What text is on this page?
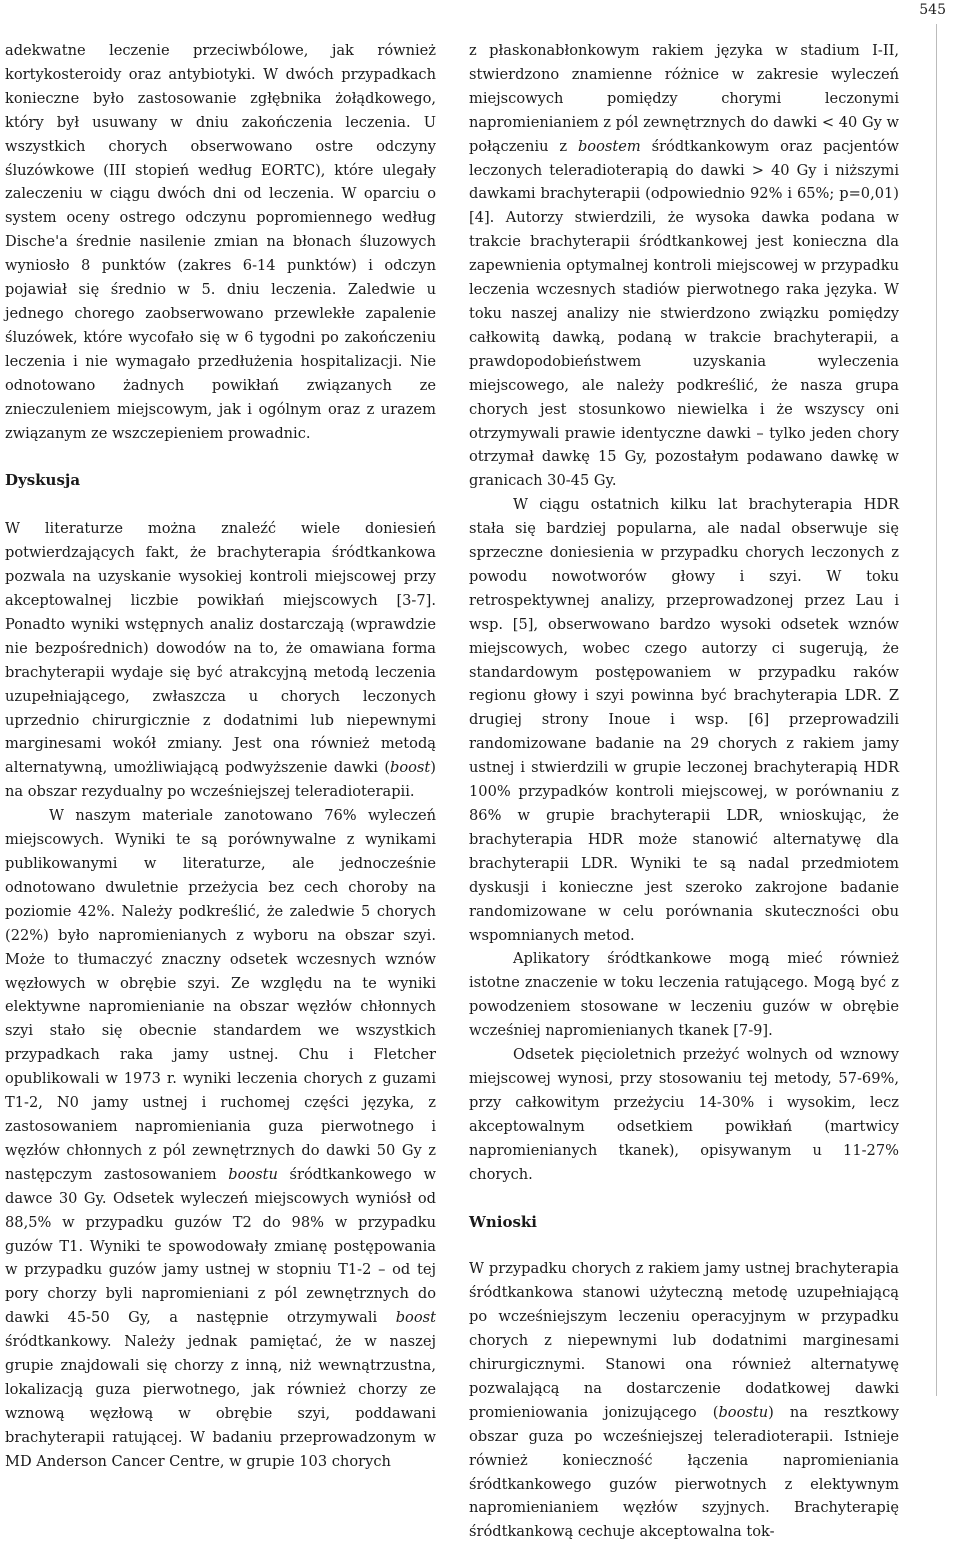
545

adekwatne leczenie przeciwbólowe, jak również kortykosteroidy oraz antybiotyki. W dwóch przypadkach konieczne było zastosowanie zgłębnika żołądkowego, który był usuwany w dniu zakończenia leczenia. U wszystkich chorych obserwowano ostre odczyny śluzówkowe (III stopień według EORTC), które ulegały zaleczeniu w ciągu dwóch dni od leczenia. W oparciu o system oceny ostrego odczynu popromiennego według Dische'a średnie nasilenie zmian na błonach śluzowych wyniosło 8 punktów (zakres 6-14 punktów) i odczyn pojawiał się średnio w 5. dniu leczenia. Zaledwie u jednego chorego zaobserwowano przewlekłe zapalenie śluzówek, które wycofało się w 6 tygodni po zakończeniu leczenia i nie wymagało przedłużenia hospitalizacji. Nie odnotowano żadnych powikłań związanych ze znieczuleniem miejscowym, jak i ogólnym oraz z urazem związanym ze wszczepieniem prowadnic.

Dyskusja

W literaturze można znaleźć wiele doniesień potwierdzających fakt, że brachyterapia śródtkankowa pozwala na uzyskanie wysokiej kontroli miejscowej przy akceptowalnej liczbie powikłań miejscowych [3-7]. Ponadto wyniki wstępnych analiz dostarczają (wprawdzie nie bezpośrednich) dowodów na to, że omawiana forma brachyterapii wydaje się być atrakcyjną metodą leczenia uzupełniającego, zwłaszcza u chorych leczonych uprzednio chirurgicznie z dodatnimi lub niepewnymi marginesami wokół zmiany. Jest ona również metodą alternatywną, umożliwiającą podwyższenie dawki (boost) na obszar rezydualny po wcześniejszej teleradioterapii.

W naszym materiale zanotowano 76% wyleczeń miejscowych. Wyniki te są porównywalne z wynikami publikowanymi w literaturze, ale jednocześnie odnotowano dwuletnie przeżycia bez cech choroby na poziomie 42%. Należy podkreślić, że zaledwie 5 chorych (22%) było napromienianych z wyboru na obszar szyi. Może to tłumaczyć znaczny odsetek wczesnych wznów węzłowych w obrębie szyi. Ze względu na te wyniki elektywne napromienianie na obszar węzłów chłonnych szyi stało się obecnie standardem we wszystkich przypadkach raka jamy ustnej. Chu i Fletcher opublikowali w 1973 r. wyniki leczenia chorych z guzami T1-2, N0 jamy ustnej i ruchomej części języka, z zastosowaniem napromieniania guza pierwotnego i węzłów chłonnych z pól zewnętrznych do dawki 50 Gy z następczym zastosowaniem boostu śródtkankowego w dawce 30 Gy. Odsetek wyleczeń miejscowych wyniósł od 88,5% w przypadku guzów T2 do 98% w przypadku guzów T1. Wyniki te spowodowały zmianę postępowania w przypadku guzów jamy ustnej w stopniu T1-2 – od tej pory chorzy byli napromieniani z pól zewnętrznych do dawki 45-50 Gy, a następnie otrzymywali boost śródtkankowy. Należy jednak pamiętać, że w naszej grupie znajdowali się chorzy z inną, niż wewnątrzustna, lokalizacją guza pierwotnego, jak również chorzy ze wznową węzłową w obrębie szyi, poddawani brachyterapii ratującej. W badaniu przeprowadzonym w MD Anderson Cancer Centre, w grupie 103 chorych

z płaskonabłonkowym rakiem języka w stadium I-II, stwierdzono znamienne różnice w zakresie wyleczeń miejscowych pomiędzy chorymi leczonymi napromienianiem z pól zewnętrznych do dawki < 40 Gy w połączeniu z boostem śródtkankowym oraz pacjentów leczonych teleradioterapią do dawki > 40 Gy i niższymi dawkami brachyterapii (odpowiednio 92% i 65%; p=0,01) [4]. Autorzy stwierdzili, że wysoka dawka podana w trakcie brachyterapii śródtkankowej jest konieczna dla zapewnienia optymalnej kontroli miejscowej w przypadku leczenia wczesnych stadiów pierwotnego raka języka. W toku naszej analizy nie stwierdzono związku pomiędzy całkowitą dawką, podaną w trakcie brachyterapii, a prawdopodobieństwem uzyskania wyleczenia miejscowego, ale należy podkreślić, że nasza grupa chorych jest stosunkowo niewielka i że wszyscy oni otrzymywali prawie identyczne dawki – tylko jeden chory otrzymał dawkę 15 Gy, pozostałym podawano dawkę w granicach 30-45 Gy.

W ciągu ostatnich kilku lat brachyterapia HDR stała się bardziej popularna, ale nadal obserwuje się sprzeczne doniesienia w przypadku chorych leczonych z powodu nowotworów głowy i szyi. W toku retrospektywnej analizy, przeprowadzonej przez Lau i wsp. [5], obserwowano bardzo wysoki odsetek wznów miejscowych, wobec czego autorzy ci sugerują, że standardowym postępowaniem w przypadku raków regionu głowy i szyi powinna być brachyterapia LDR. Z drugiej strony Inoue i wsp. [6] przeprowadzili randomizowane badanie na 29 chorych z rakiem jamy ustnej i stwierdzili w grupie leczonej brachyterapią HDR 100% przypadków kontroli miejscowej, w porównaniu z 86% w grupie brachyterapii LDR, wnioskując, że brachyterapia HDR może stanowić alternatywę dla brachyterapii LDR. Wyniki te są nadal przedmiotem dyskusji i konieczne jest szeroko zakrojone badanie randomizowane w celu porównania skuteczności obu wspomnianych metod.

Aplikatory śródtkankowe mogą mieć również istotne znaczenie w toku leczenia ratującego. Mogą być z powodzeniem stosowane w leczeniu guzów w obrębie wcześniej napromienianych tkanek [7-9].

Odsetek pięcioletnich przeżyć wolnych od wznowy miejscowej wynosi, przy stosowaniu tej metody, 57-69%, przy całkowitym przeżyciu 14-30% i wysokim, lecz akceptowalnym odsetkiem powikłań (martwicy napromienianych tkanek), opisywanym u 11-27% chorych.

Wnioski

W przypadku chorych z rakiem jamy ustnej brachyterapia śródtkankowa stanowi użyteczną metodę uzupełniającą po wcześniejszym leczeniu operacyjnym w przypadku chorych z niepewnymi lub dodatnimi marginesami chirurgicznymi. Stanowi ona również alternatywę pozwalającą na dostarczenie dodatkowej dawki promieniowania jonizującego (boostu) na resztkowy obszar guza po wcześniejszej teleradioterapii. Istnieje również konieczność łączenia napromieniania śródtkankowego guzów pierwotnych z elektywnym napromienianiem węzłów szyjnych. Brachyterapię śródtkankową cechuje akceptowalna tok-
